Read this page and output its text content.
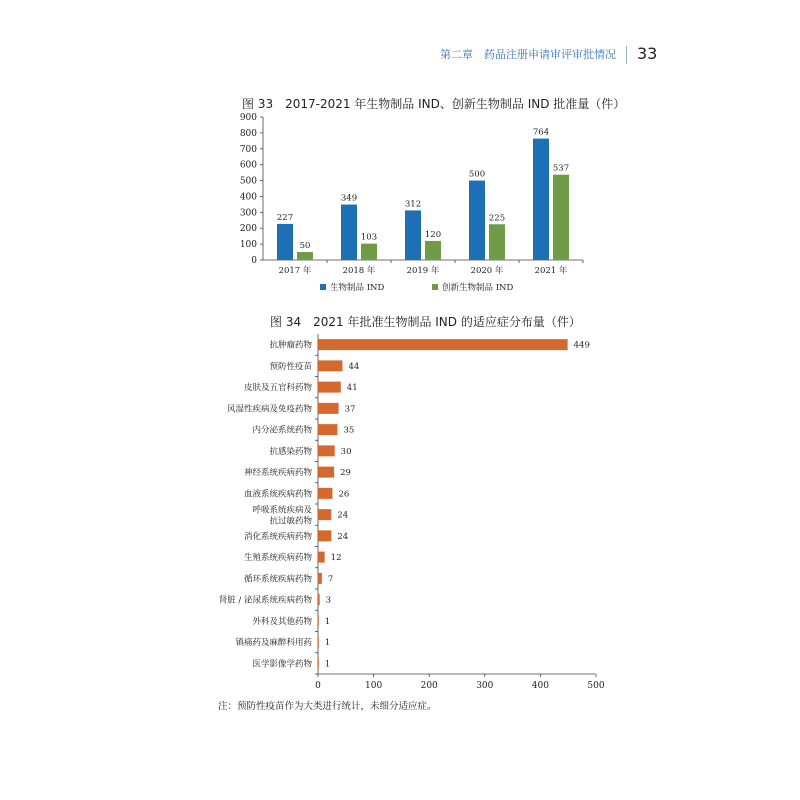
第二章　药品注册申请审评审批情况 33
图 33　2017-2021 年生物制品 IND、创新生物制品 IND 批准量（件）
图 34　2021 年批准生物制品 IND 的适应症分布量（件）
0
100
200
300
400
500
600
700
800
900
2017 年
227
50
2018 年
349
103
2019 年
312
120
2020 年
500
225
2021 年
764
537
生物制品 IND	创新生物制品 IND
0	100	200	300	400	500
449
抗肿瘤药物
44
预防性疫苗
41
皮肤及五官科药物
37
风湿性疾病及免疫药物
35
内分泌系统药物
30
抗感染药物
29
神经系统疾病药物
26
血液系统疾病药物
24
呼吸系统疾病及
抗过敏药物
24
消化系统疾病药物
12
生殖系统疾病药物
7
循环系统疾病药物
3
肾脏 / 泌尿系统疾病药物
1
外科及其他药物
1
镇痛药及麻醉科用药
1
医学影像学药物
注：预防性疫苗作为大类进行统计，未细分适应症。
